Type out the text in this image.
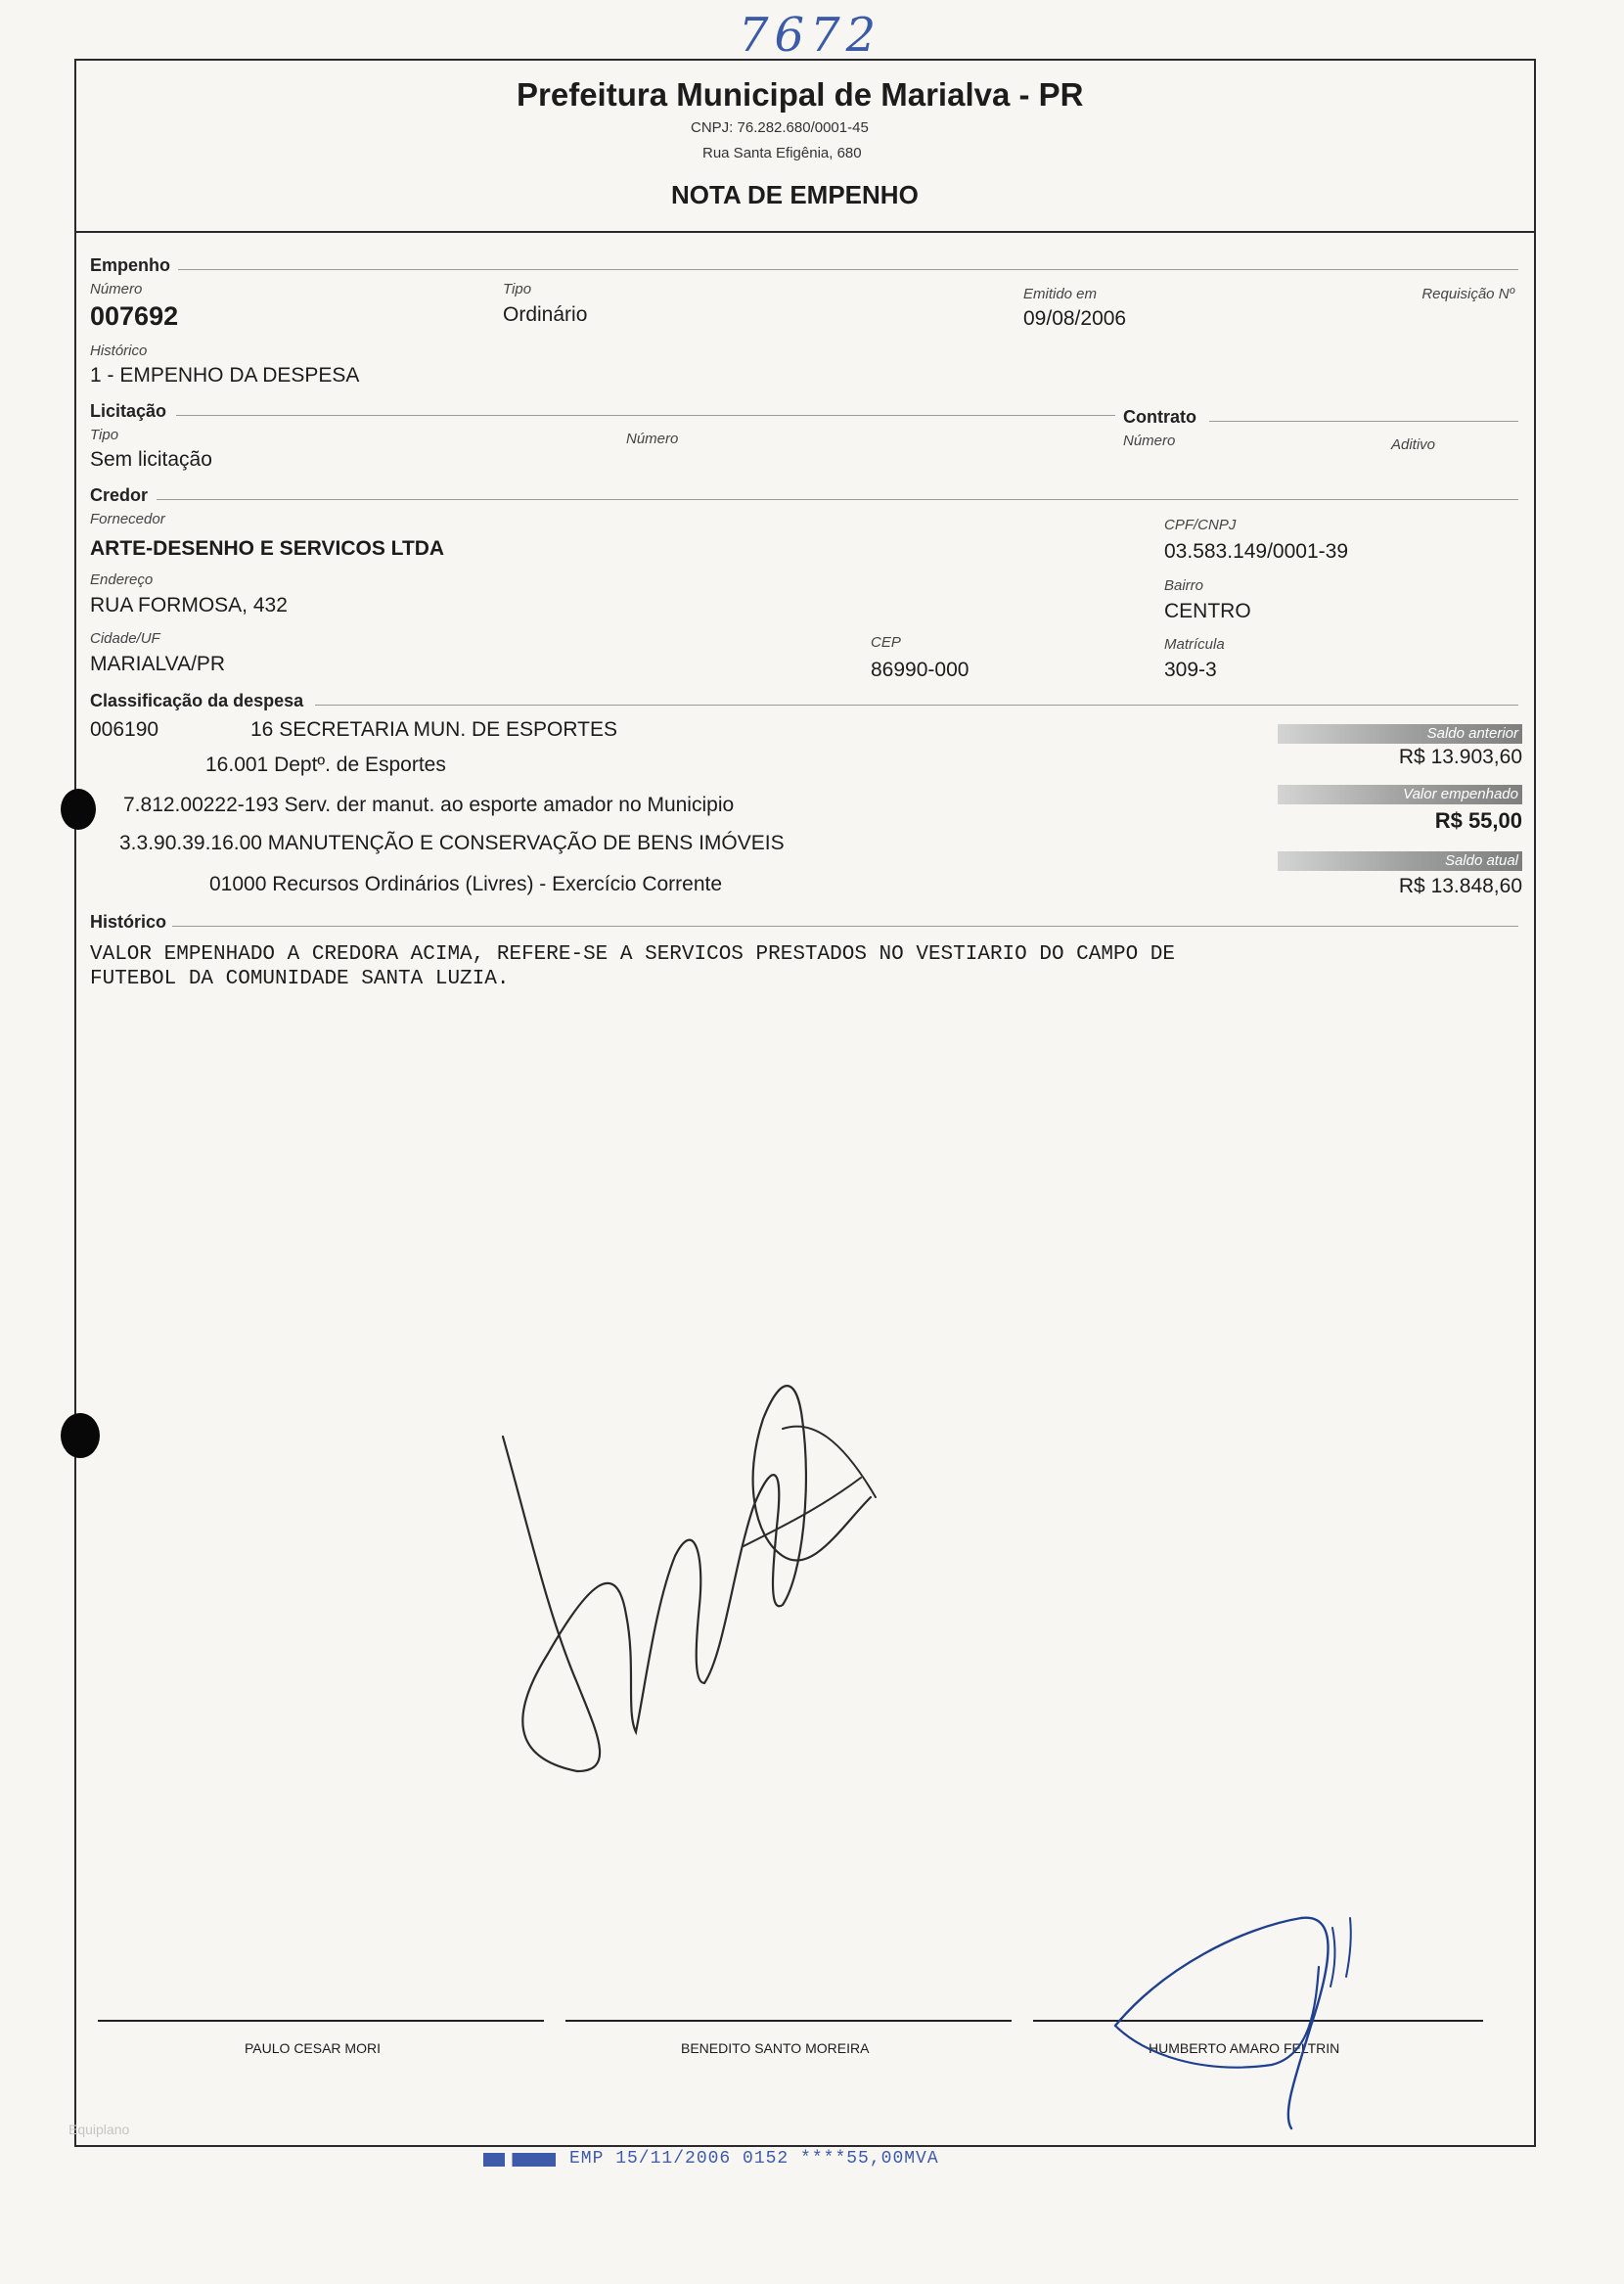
7672
Prefeitura Municipal de Marialva - PR
CNPJ: 76.282.680/0001-45
Rua Santa Efigênia, 680
NOTA DE EMPENHO
Empenho
Número
007692
Tipo
Ordinário
Emitido em
09/08/2006
Requisição Nº
Histórico
1 - EMPENHO DA DESPESA
Licitação
Tipo
Sem licitação
Número
Contrato
Número	Aditivo
Credor
Fornecedor
ARTE-DESENHO E SERVICOS LTDA
CPF/CNPJ
03.583.149/0001-39
Endereço
RUA FORMOSA, 432
Bairro
CENTRO
Cidade/UF
MARIALVA/PR
CEP
86990-000
Matrícula
309-3
Classificação da despesa
006190	16 SECRETARIA MUN. DE ESPORTES
16.001 Deptº. de Esportes
7.812.00222-193 Serv. der manut. ao esporte amador no Municipio
3.3.90.39.16.00 MANUTENÇÃO E CONSERVAÇÃO DE BENS IMÓVEIS
01000 Recursos Ordinários (Livres) - Exercício Corrente
Saldo anterior
R$ 13.903,60
Valor empenhado
R$ 55,00
Saldo atual
R$ 13.848,60
Histórico
VALOR EMPENHADO A CREDORA ACIMA, REFERE-SE A SERVICOS PRESTADOS NO VESTIARIO DO CAMPO DE
FUTEBOL DA COMUNIDADE SANTA LUZIA.
PAULO CESAR MORI	BENEDITO SANTO MOREIRA	HUMBERTO AMARO FELTRIN
Equiplano
EMP 15/11/2006 0152 ****55,00MVA
